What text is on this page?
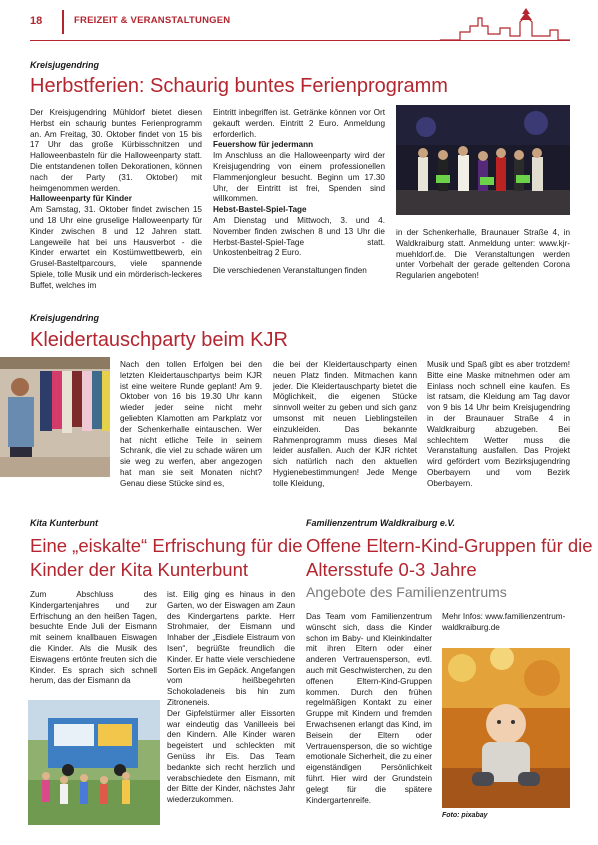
18	FREIZEIT & VERANSTALTUNGEN
Kreisjugendring
Herbstferien: Schaurig buntes Ferienprogramm

Der Kreisjugendring Mühldorf bietet diesen Herbst ein schaurig buntes Ferienprogramm an. Am Freitag, 30. Oktober findet von 15 bis 17 Uhr das große Kürbisschnitzen und Halloweenbasteln für die Halloweenparty statt. Die entstandenen tollen Dekorationen, können nach der Party (31. Oktober) mit heimgenommen werden.

Halloweenparty für Kinder

Am Samstag, 31. Oktober findet zwischen 15 und 18 Uhr eine gruselige Halloweenparty für Kinder zwischen 8 und 12 Jahren statt. Langeweile hat bei uns Hausverbot - die Kinder erwartet ein Kostümwettbewerb, ein Grusel-Basteltparcours, viele spannende Spiele, tolle Musik und ein mörderisch-leckeres Buffet, welches im

Eintritt inbegriffen ist. Getränke können vor Ort gekauft werden. Eintritt 2 Euro. Anmeldung erforderlich.

Feuershow für jedermann

Im Anschluss an die Halloweenparty wird der Kreisjugendring von einem professionellen Flammenjongleur besucht. Beginn um 17.30 Uhr, der Eintritt ist frei, Spenden sind willkommen.

Hebst-Bastel-Spiel-Tage

Am Dienstag und Mittwoch, 3. und 4. November finden zwischen 8 und 13 Uhr die Herbst-Bastel-Spiel-Tage statt. Unkostenbeitrag 2 Euro.

Die verschiedenen Veranstaltungen finden

in der Schenkerhalle, Braunauer Straße 4, in Waldkraiburg statt. Anmeldung unter: www.kjr-muehldorf.de. Die Veranstaltungen werden unter Vorbehalt der gerade geltenden Corona Regularien angeboten!

Kreisjugendring
Kleidertauschparty beim KJR

Nach den tollen Erfolgen bei den letzten Kleidertauschpartys beim KJR ist eine weitere Runde geplant! Am 9. Oktober von 16 bis 19.30 Uhr kann wieder jeder seine nicht mehr geliebten Klamotten am Parkplatz vor der Schenkerhalle eintauschen. Wer hat nicht etliche Teile in seinem Schrank, die viel zu schade wären um sie weg zu werfen, aber angezogen hat man sie seit Monaten nicht? Genau diese Stücke sind es,

die bei der Kleidertauschparty einen neuen Platz finden. Mitmachen kann jeder. Die Kleidertauschparty bietet die Möglichkeit, die eigenen Stücke sinnvoll weiter zu geben und sich ganz umsonst mit neuen Lieblingsteilen einzukleiden. Das bekannte Rahmenprogramm muss dieses Mal leider ausfallen. Auch der KJR richtet sich natürlich nach den aktuellen Hygienebestimmungen! Jede Menge tolle Kleidung,

Musik und Spaß gibt es aber trotzdem! Bitte eine Maske mitnehmen oder am Einlass noch schnell eine kaufen. Es ist ratsam, die Kleidung am Tag davor von 9 bis 14 Uhr beim Kreisjugendring in der Braunauer Straße 4 in Waldkraiburg abzugeben. Bei schlechtem Wetter muss die Veranstaltung ausfallen. Das Projekt wird gefördert vom Bezirksjugendring Oberbayern und vom Bezirk Oberbayern.

Kita Kunterbunt
Eine „eiskalte“ Erfrischung für die
Kinder der Kita Kunterbunt

Zum Abschluss des Kindergartenjahres und zur Erfrischung an den heißen Tagen, besuchte Ende Juli der Eismann mit seinem knallbauen Eiswagen die Kinder. Als die Musik des Eiswagens ertönte freuten sich die Kinder. Es sprach sich schnell herum, das der Eismann da

ist. Eilig ging es hinaus in den Garten, wo der Eiswagen am Zaun des Kindergartens parkte. Herr Strohmaier, der Eismann und Inhaber der „Eisdiele Eistraum von Isen“, begrüßte freundlich die Kinder. Er hatte viele verschiedene Sorten Eis im Gepäck. Angefangen vom heißbegehrten Schokoladeneis bis hin zum Zitroneneis.

Der Gipfelstürmer aller Eissorten war eindeutig das Vanilleeis bei den Kindern. Alle Kinder waren begeistert und schleckten mit Genüss ihr Eis. Das Team bedankte sich recht herzlich und verabschiedete den Eismann, mit der Bitte der Kinder, nächstes Jahr wiederzukommen.

Familienzentrum Waldkraiburg e.V.
Offene Eltern-Kind-Gruppen für die
Altersstufe 0-3 Jahre
Angebote des Familienzentrums

Das Team vom Familienzentrum wünscht sich, dass die Kinder schon im Baby- und Kleinkindalter mit ihren Eltern oder einer anderen Vertrauensperson, evtl. auch mit Geschwisterchen, zu den offenen Eltern-Kind-Gruppen kommen. Durch den frühen regelmäßigen Kontakt zu einer Gruppe mit Kindern und fremden Erwachsenen erlangt das Kind, im Beisein der Eltern oder Vertrauensperson, die so wichtige emotionale Sicherheit, die zu einer eigenständigen Persönlichkeit führt. Hier wird der Grundstein gelegt für die spätere Kindergartenreife.

Mehr Infos: www.familienzentrum-waldkraiburg.de
Foto: pixabay
